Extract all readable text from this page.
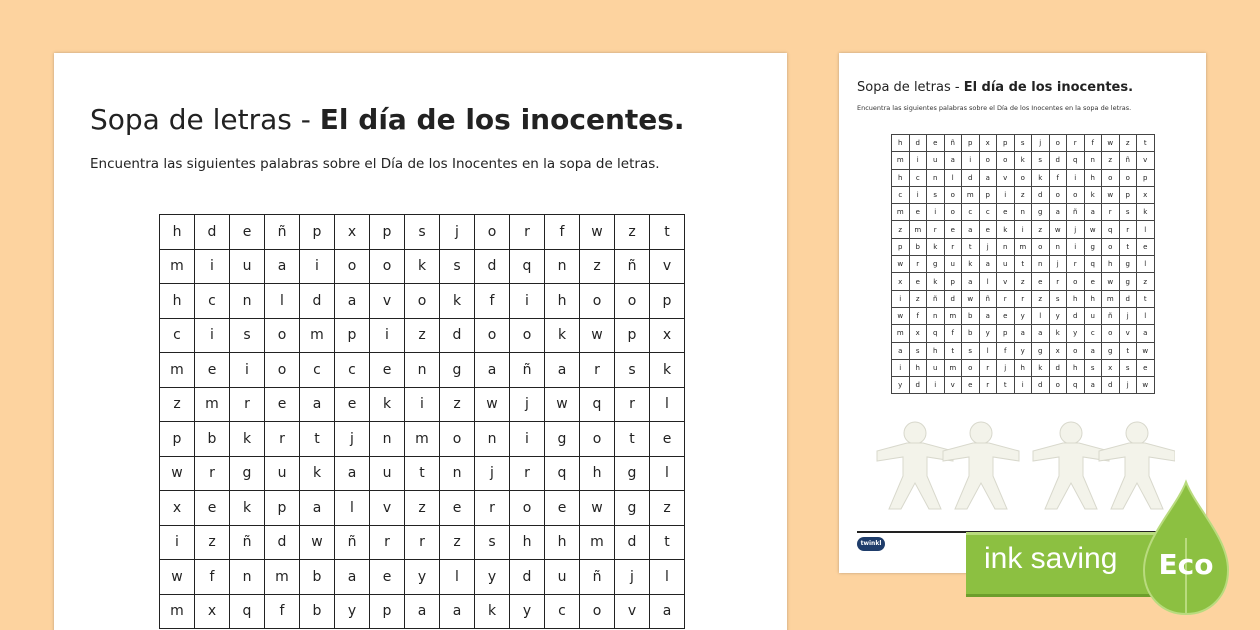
Sopa de letras - El día de los inocentes.
Encuentra las siguientes palabras sobre el Día de los Inocentes en la sopa de letras.
h	d	e	ñ	p	x	p	s	j	o	r	f	w	z	t
m	i	u	a	i	o	o	k	s	d	q	n	z	ñ	v
h	c	n	l	d	a	v	o	k	f	i	h	o	o	p
c	i	s	o	m	p	i	z	d	o	o	k	w	p	x
m	e	i	o	c	c	e	n	g	a	ñ	a	r	s	k
z	m	r	e	a	e	k	i	z	w	j	w	q	r	l
p	b	k	r	t	j	n	m	o	n	i	g	o	t	e
w	r	g	u	k	a	u	t	n	j	r	q	h	g	l
x	e	k	p	a	l	v	z	e	r	o	e	w	g	z
i	z	ñ	d	w	ñ	r	r	z	s	h	h	m	d	t
w	f	n	m	b	a	e	y	l	y	d	u	ñ	j	l
m	x	q	f	b	y	p	a	a	k	y	c	o	v	a
Sopa de letras - El día de los inocentes.
Encuentra las siguientes palabras sobre el Día de los Inocentes en la sopa de letras.
h	d	e	ñ	p	x	p	s	j	o	r	f	w	z	t
m	i	u	a	i	o	o	k	s	d	q	n	z	ñ	v
h	c	n	l	d	a	v	o	k	f	i	h	o	o	p
c	i	s	o	m	p	i	z	d	o	o	k	w	p	x
m	e	i	o	c	c	e	n	g	a	ñ	a	r	s	k
z	m	r	e	a	e	k	i	z	w	j	w	q	r	l
p	b	k	r	t	j	n	m	o	n	i	g	o	t	e
w	r	g	u	k	a	u	t	n	j	r	q	h	g	l
x	e	k	p	a	l	v	z	e	r	o	e	w	g	z
i	z	ñ	d	w	ñ	r	r	z	s	h	h	m	d	t
w	f	n	m	b	a	e	y	l	y	d	u	ñ	j	l
m	x	q	f	b	y	p	a	a	k	y	c	o	v	a
a	s	h	t	s	l	f	y	g	x	o	a	g	t	w
i	h	u	m	o	r	j	h	k	d	h	s	x	s	e
y	d	i	v	e	r	t	i	d	o	q	a	d	j	w
twinkl	ink saving Eco
